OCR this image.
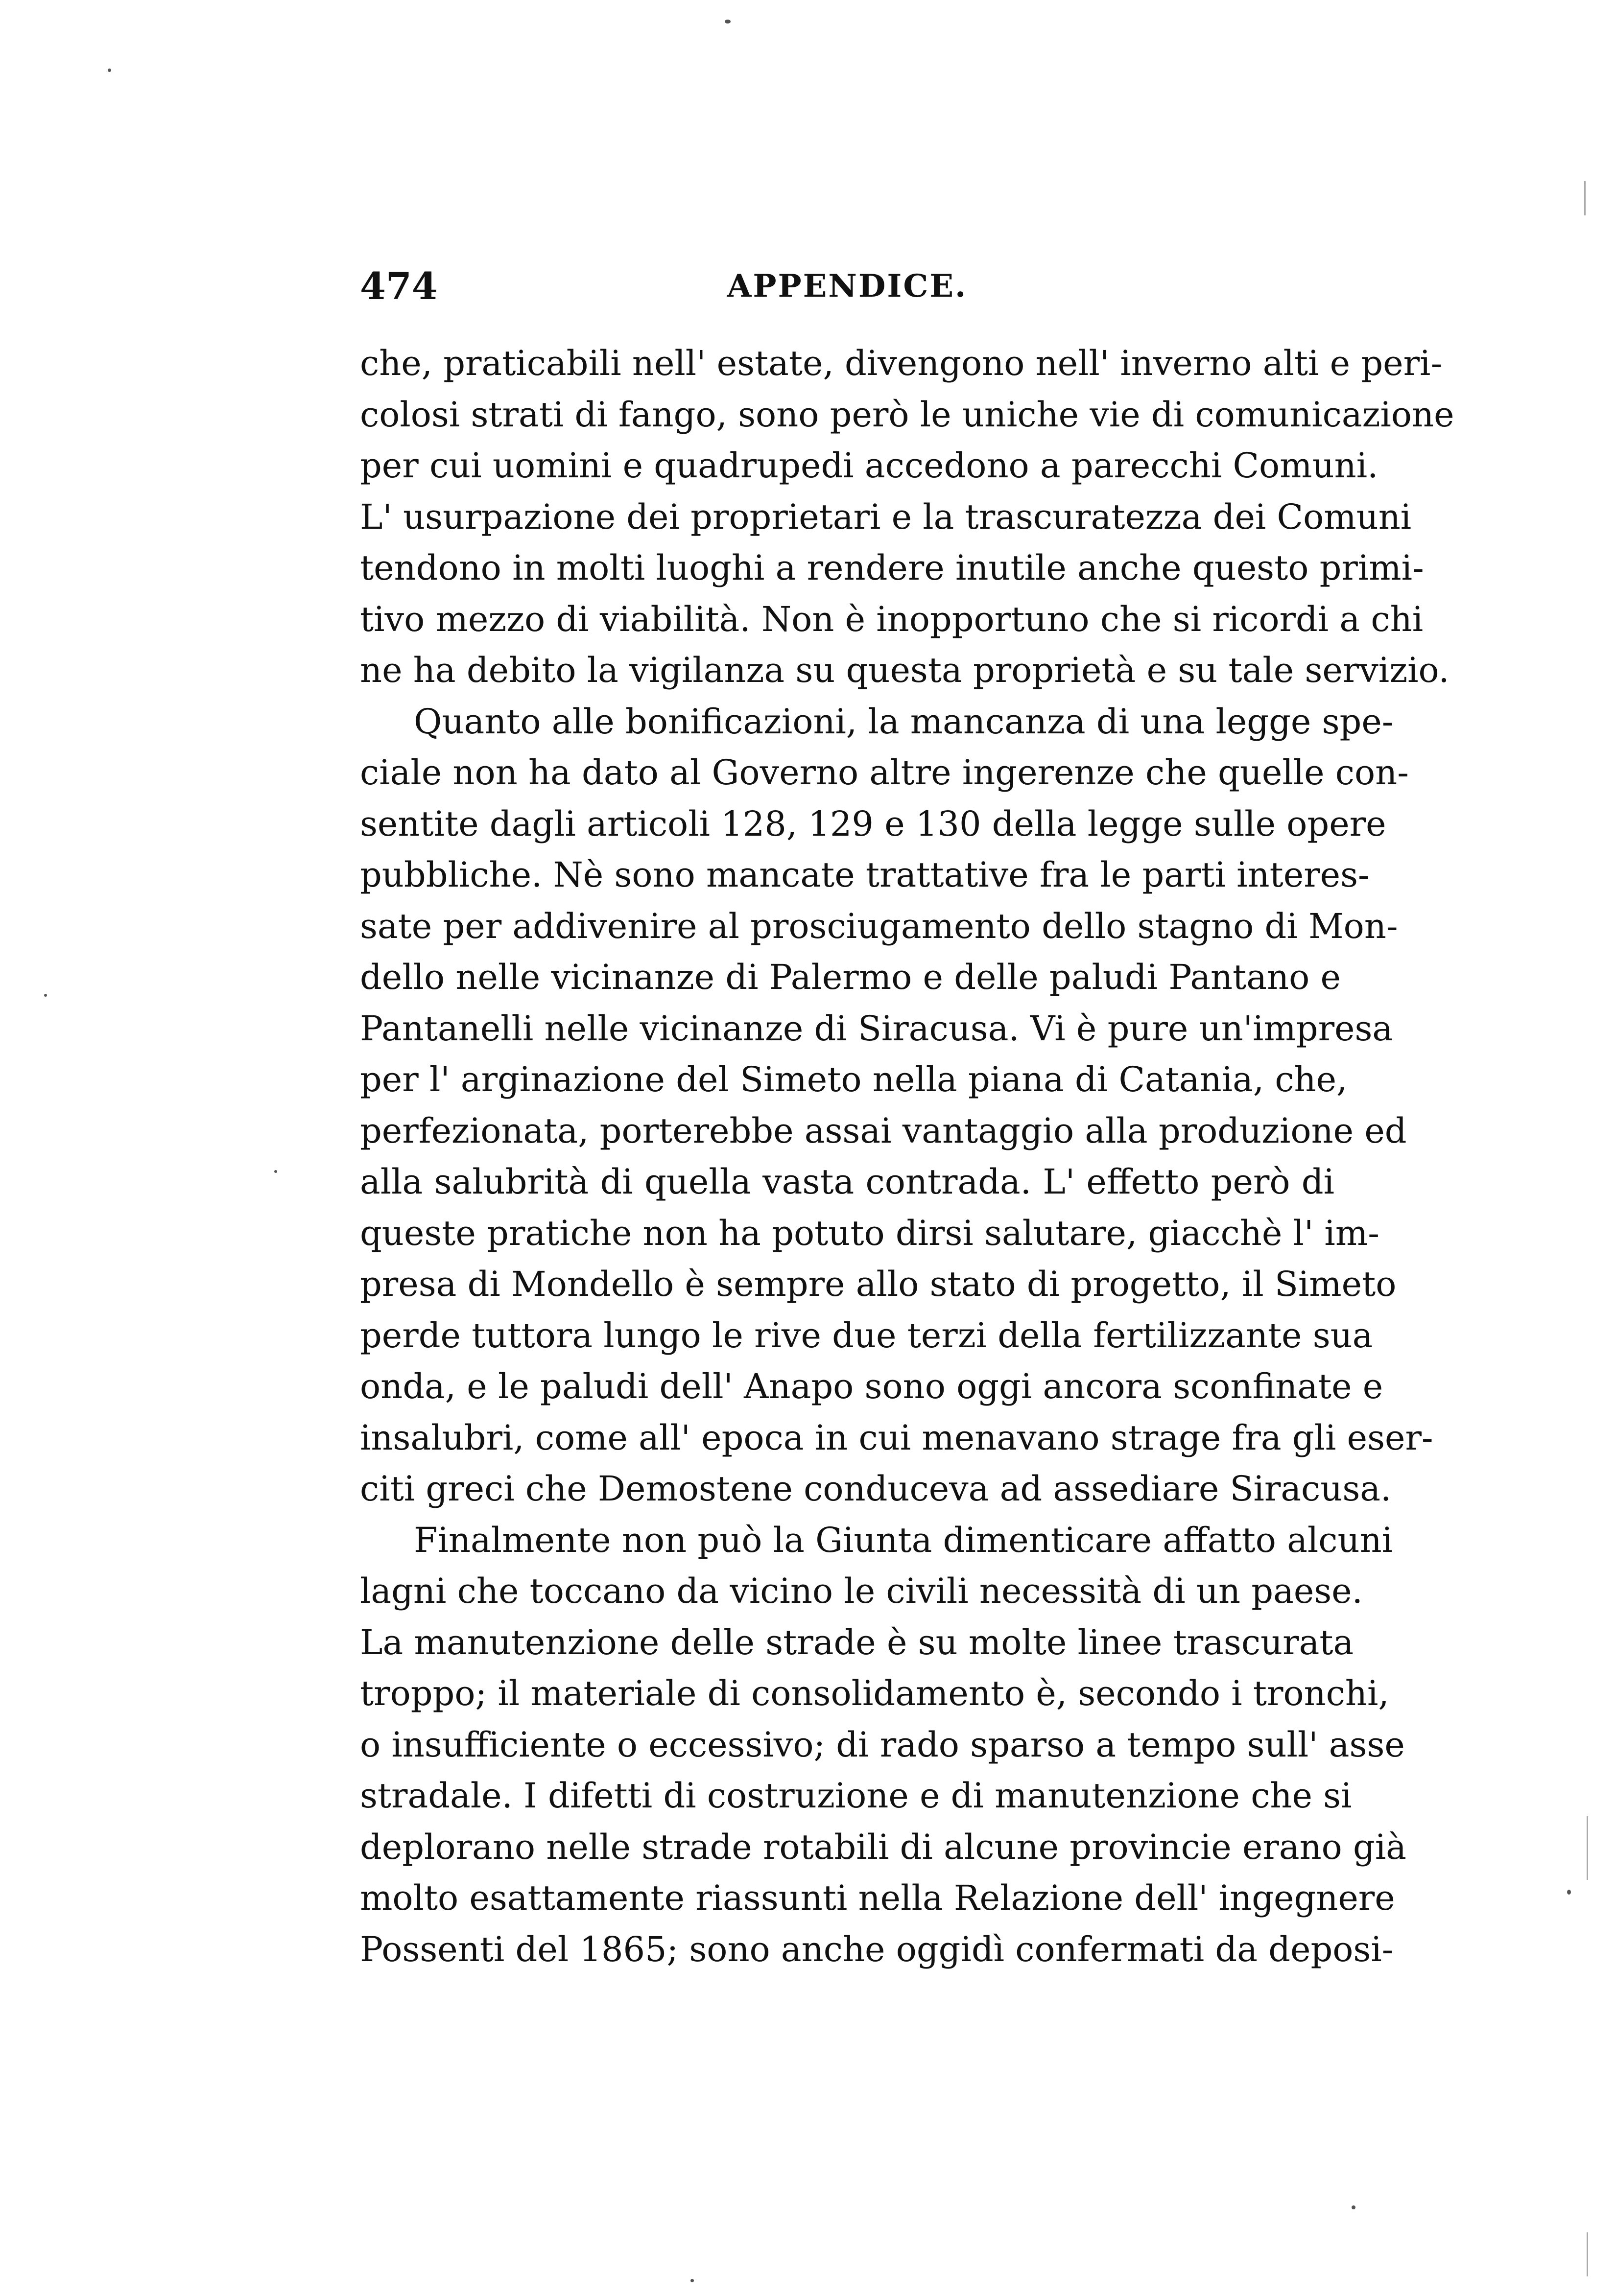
474	APPENDICE.
che, praticabili nell' estate, divengono nell' inverno alti e peri-
colosi strati di fango, sono però le uniche vie di comunicazione
per cui uomini e quadrupedi accedono a parecchi Comuni.
L' usurpazione dei proprietari e la trascuratezza dei Comuni
tendono in molti luoghi a rendere inutile anche questo primi-
tivo mezzo di viabilità. Non è inopportuno che si ricordi a chi
ne ha debito la vigilanza su questa proprietà e su tale servizio.
Quanto alle bonificazioni, la mancanza di una legge spe-
ciale non ha dato al Governo altre ingerenze che quelle con-
sentite dagli articoli 128, 129 e 130 della legge sulle opere
pubbliche. Nè sono mancate trattative fra le parti interes-
sate per addivenire al prosciugamento dello stagno di Mon-
dello nelle vicinanze di Palermo e delle paludi Pantano e
Pantanelli nelle vicinanze di Siracusa. Vi è pure un'impresa
per l' arginazione del Simeto nella piana di Catania, che,
perfezionata, porterebbe assai vantaggio alla produzione ed
alla salubrità di quella vasta contrada. L' effetto però di
queste pratiche non ha potuto dirsi salutare, giacchè l' im-
presa di Mondello è sempre allo stato di progetto, il Simeto
perde tuttora lungo le rive due terzi della fertilizzante sua
onda, e le paludi dell' Anapo sono oggi ancora sconfinate e
insalubri, come all' epoca in cui menavano strage fra gli eser-
citi greci che Demostene conduceva ad assediare Siracusa.
Finalmente non può la Giunta dimenticare affatto alcuni
lagni che toccano da vicino le civili necessità di un paese.
La manutenzione delle strade è su molte linee trascurata
troppo; il materiale di consolidamento è, secondo i tronchi,
o insufficiente o eccessivo; di rado sparso a tempo sull' asse
stradale. I difetti di costruzione e di manutenzione che si
deplorano nelle strade rotabili di alcune provincie erano già
molto esattamente riassunti nella Relazione dell' ingegnere
Possenti del 1865; sono anche oggidì confermati da deposi-
